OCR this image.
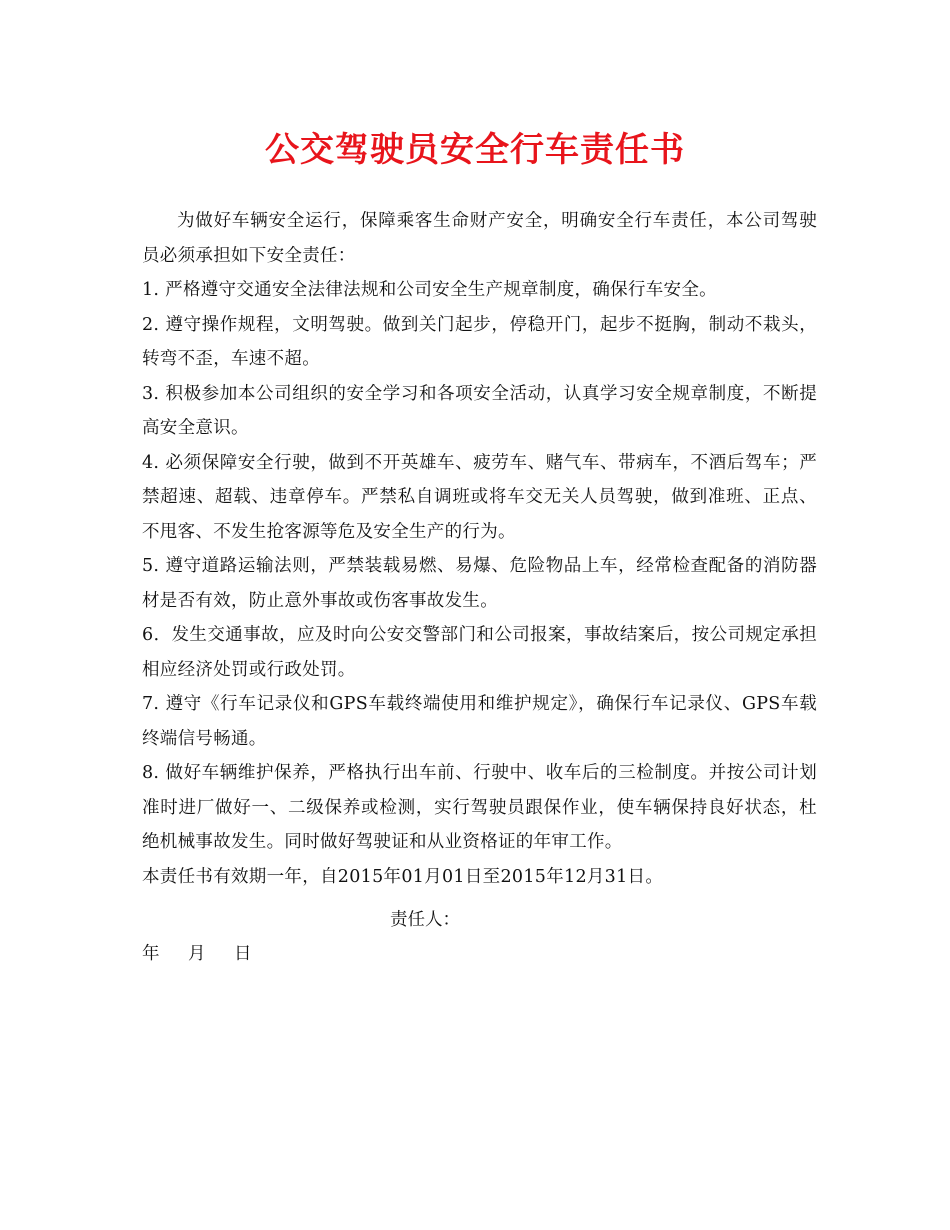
公交驾驶员安全行车责任书

为做好车辆安全运行，保障乘客生命财产安全，明确安全行车责任，本公司驾驶员必须承担如下安全责任：

1. 严格遵守交通安全法律法规和公司安全生产规章制度，确保行车安全。

2. 遵守操作规程，文明驾驶。做到关门起步，停稳开门，起步不挺胸，制动不栽头，转弯不歪，车速不超。

3. 积极参加本公司组织的安全学习和各项安全活动，认真学习安全规章制度，不断提高安全意识。

4. 必须保障安全行驶，做到不开英雄车、疲劳车、赌气车、带病车，不酒后驾车；严禁超速、超载、违章停车。严禁私自调班或将车交无关人员驾驶，做到准班、正点、不甩客、不发生抢客源等危及安全生产的行为。

5. 遵守道路运输法则，严禁装载易燃、易爆、危险物品上车，经常检查配备的消防器材是否有效，防止意外事故或伤客事故发生。

6．发生交通事故，应及时向公安交警部门和公司报案，事故结案后，按公司规定承担相应经济处罚或行政处罚。

7. 遵守《行车记录仪和GPS车载终端使用和维护规定》，确保行车记录仪、GPS车载终端信号畅通。

8. 做好车辆维护保养，严格执行出车前、行驶中、收车后的三检制度。并按公司计划准时进厂做好一、二级保养或检测，实行驾驶员跟保作业，使车辆保持良好状态，杜绝机械事故发生。同时做好驾驶证和从业资格证的年审工作。

本责任书有效期一年，自2015年01月01日至2015年12月31日。

责任人：
年	月	日
